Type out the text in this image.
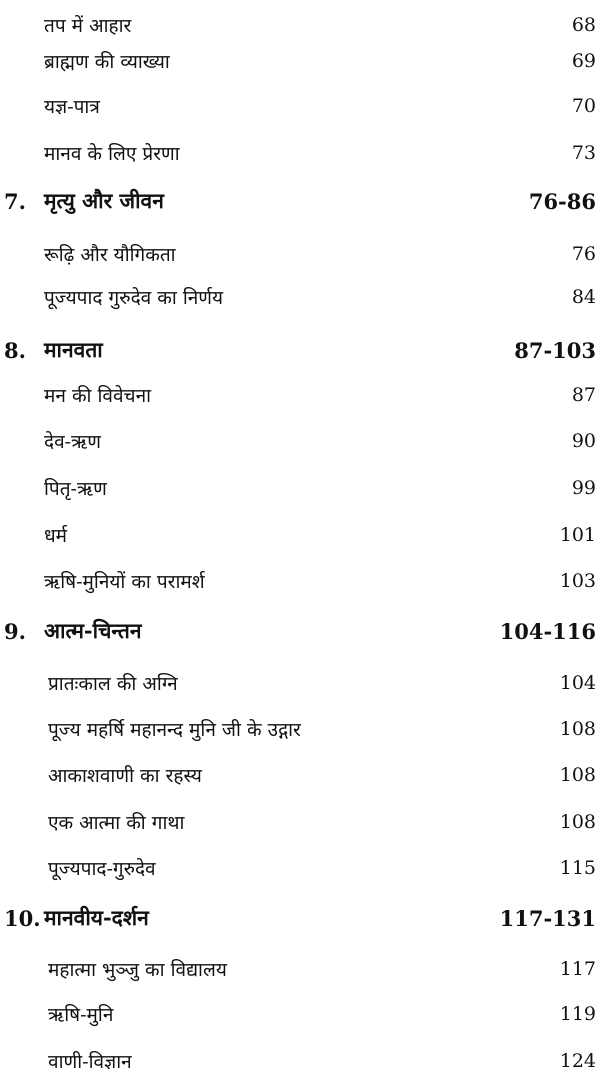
तप में आहार	68
ब्राह्मण की व्याख्या	69
यज्ञ-पात्र	70
मानव के लिए प्रेरणा	73
7. मृत्यु और जीवन	76-86
रूढ़ि और यौगिकता	76
पूज्यपाद गुरुदेव का निर्णय	84
8. मानवता	87-103
मन की विवेचना	87
देव-ऋण	90
पितृ-ऋण	99
धर्म	101
ऋषि-मुनियों का परामर्श	103
9. आत्म-चिन्तन	104-116
प्रातःकाल की अग्नि	104
पूज्य महर्षि महानन्द मुनि जी के उद्गार	108
आकाशवाणी का रहस्य	108
एक आत्मा की गाथा	108
पूज्यपाद-गुरुदेव	115
10. मानवीय-दर्शन	117-131
महात्मा भुञ्जु का विद्यालय	117
ऋषि-मुनि	119
वाणी-विज्ञान	124
